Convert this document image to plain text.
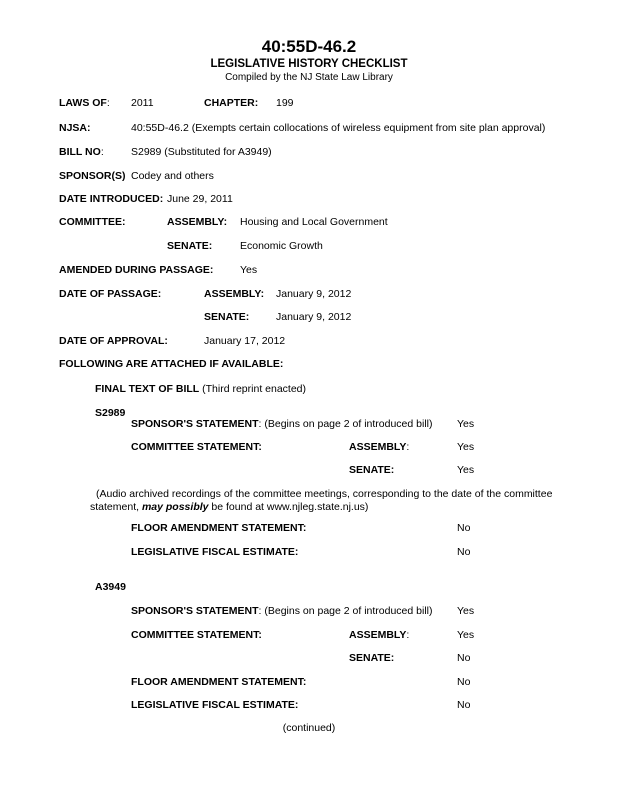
40:55D-46.2
LEGISLATIVE HISTORY CHECKLIST
Compiled by the NJ State Law Library
LAWS OF: 2011	CHAPTER: 199
NJSA:	40:55D-46.2 (Exempts certain collocations of wireless equipment from site plan approval)
BILL NO:	S2989 (Substituted for A3949)
SPONSOR(S) Codey and others
DATE INTRODUCED: June 29, 2011
COMMITTEE:	ASSEMBLY: Housing and Local Government
SENATE:	Economic Growth
AMENDED DURING PASSAGE:	Yes
DATE OF PASSAGE:	ASSEMBLY: January 9, 2012
SENATE:	January 9, 2012
DATE OF APPROVAL:	January 17, 2012
FOLLOWING ARE ATTACHED IF AVAILABLE:
FINAL TEXT OF BILL (Third reprint enacted)
S2989
SPONSOR'S STATEMENT: (Begins on page 2 of introduced bill) Yes
COMMITTEE STATEMENT:	ASSEMBLY:	Yes
SENATE:	Yes
(Audio archived recordings of the committee meetings, corresponding to the date of the committee statement, may possibly be found at www.njleg.state.nj.us)
FLOOR AMENDMENT STATEMENT:	No
LEGISLATIVE FISCAL ESTIMATE:	No
A3949
SPONSOR'S STATEMENT: (Begins on page 2 of introduced bill) Yes
COMMITTEE STATEMENT:	ASSEMBLY:	Yes
SENATE:	No
FLOOR AMENDMENT STATEMENT:	No
LEGISLATIVE FISCAL ESTIMATE:	No
(continued)
